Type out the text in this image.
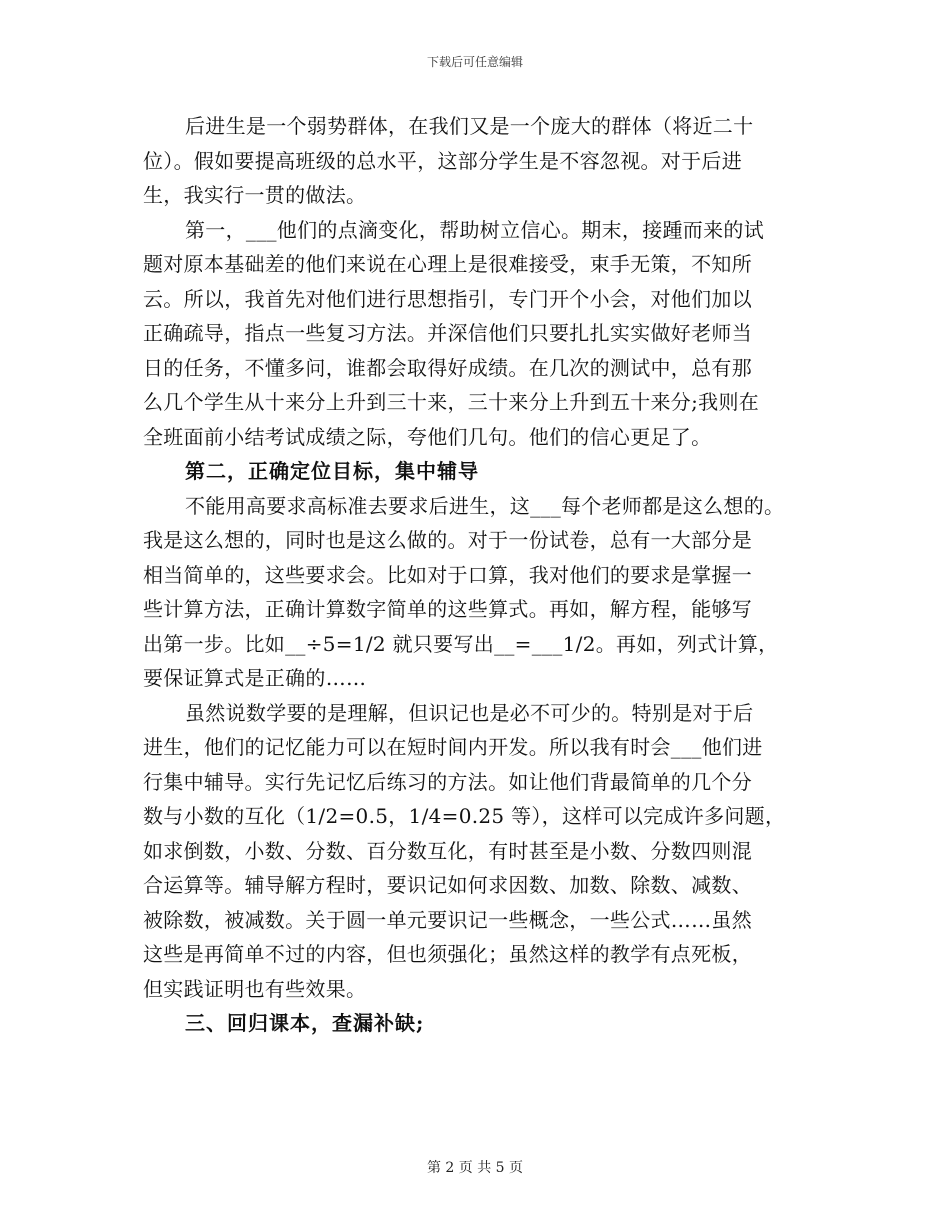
下载后可任意编辑
后进生是一个弱势群体，在我们又是一个庞大的群体（将近二十
位）。假如要提高班级的总水平，这部分学生是不容忽视。对于后进
生，我实行一贯的做法。
第一，___他们的点滴变化，帮助树立信心。期末，接踵而来的试
题对原本基础差的他们来说在心理上是很难接受，束手无策，不知所
云。所以，我首先对他们进行思想指引，专门开个小会，对他们加以
正确疏导，指点一些复习方法。并深信他们只要扎扎实实做好老师当
日的任务，不懂多问，谁都会取得好成绩。在几次的测试中，总有那
么几个学生从十来分上升到三十来，三十来分上升到五十来分;我则在
全班面前小结考试成绩之际，夸他们几句。他们的信心更足了。
第二，正确定位目标，集中辅导
不能用高要求高标准去要求后进生，这___每个老师都是这么想的。
我是这么想的，同时也是这么做的。对于一份试卷，总有一大部分是
相当简单的，这些要求会。比如对于口算，我对他们的要求是掌握一
些计算方法，正确计算数字简单的这些算式。再如，解方程，能够写
出第一步。比如__÷5=1/2 就只要写出__=___1/2。再如，列式计算，
要保证算式是正确的……
虽然说数学要的是理解，但识记也是必不可少的。特别是对于后
进生，他们的记忆能力可以在短时间内开发。所以我有时会___他们进
行集中辅导。实行先记忆后练习的方法。如让他们背最简单的几个分
数与小数的互化（1/2=0.5，1/4=0.25 等），这样可以完成许多问题，
如求倒数，小数、分数、百分数互化，有时甚至是小数、分数四则混
合运算等。辅导解方程时，要识记如何求因数、加数、除数、减数、
被除数，被减数。关于圆一单元要识记一些概念，一些公式……虽然
这些是再简单不过的内容，但也须强化；虽然这样的教学有点死板，
但实践证明也有些效果。
三、回归课本，查漏补缺;
第 2 页 共 5 页
